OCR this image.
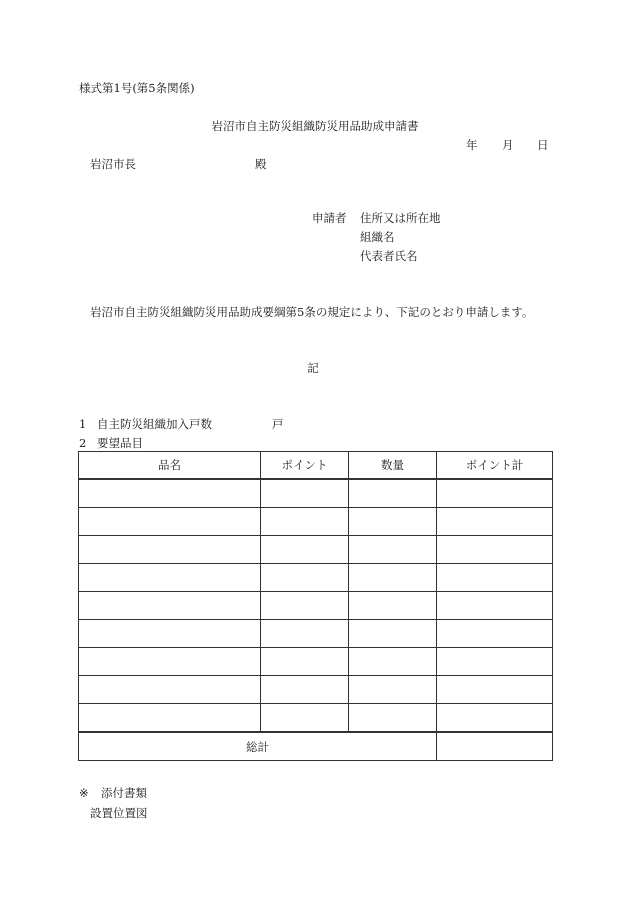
様式第1号(第5条関係)
岩沼市自主防災組織防災用品助成申請書
年 月 日
岩沼市長	殿
申請者 住所又は所在地
組織名
代表者氏名
岩沼市自主防災組織防災用品助成要綱第5条の規定により、下記のとおり申請します。
記
1 自主防災組織加入戸数	戸
2 要望品目
品名	ポイント	数量	ポイント計

総計			
※ 添付書類
設置位置図
